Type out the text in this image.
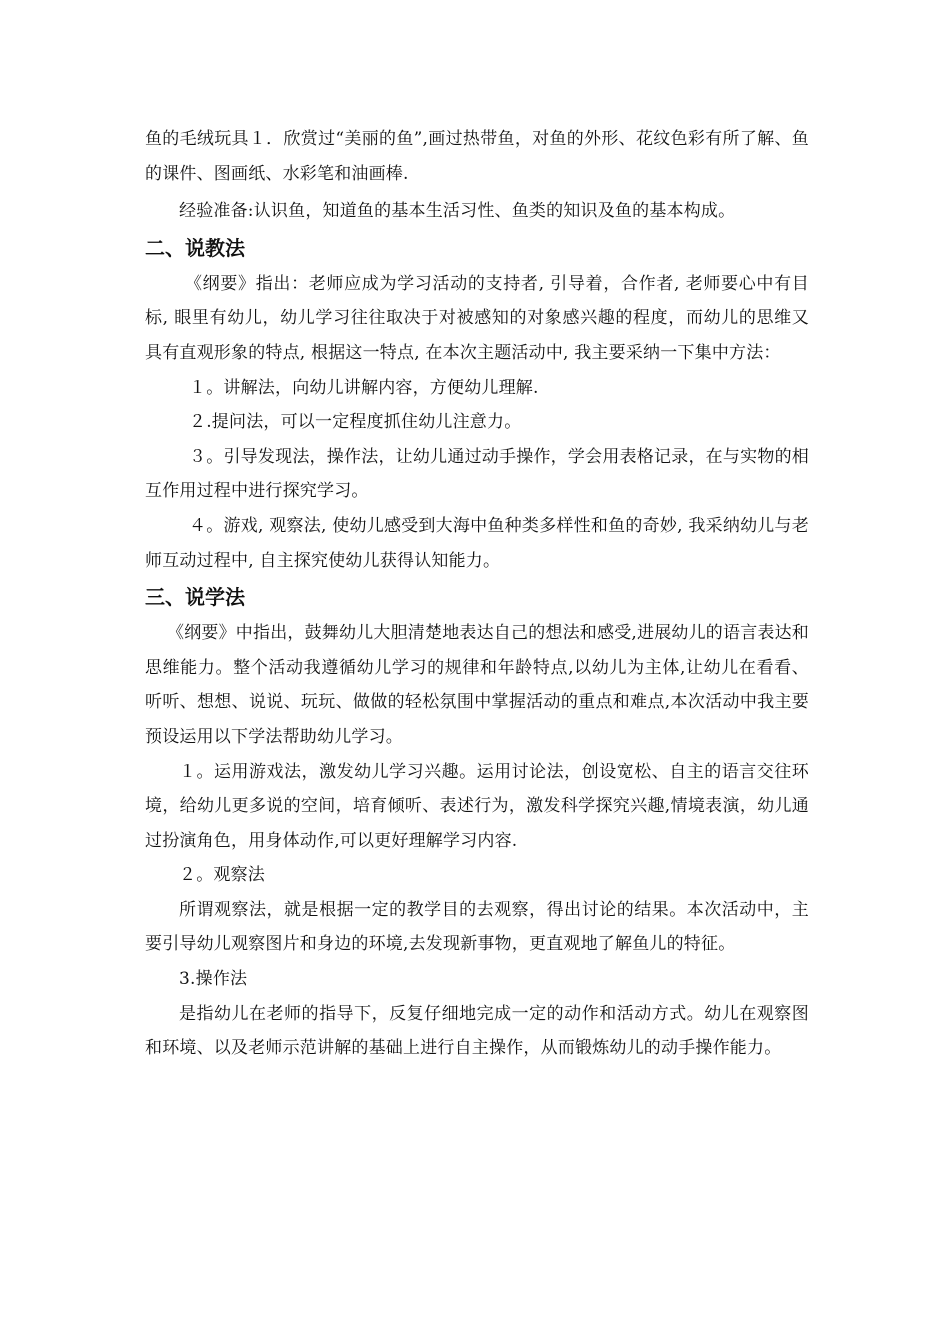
鱼的毛绒玩具１．欣赏过“美丽的鱼”,画过热带鱼，对鱼的外形、花纹色彩有所了解、鱼的课件、图画纸、水彩笔和油画棒.

经验准备:认识鱼，知道鱼的基本生活习性、鱼类的知识及鱼的基本构成。

二、说教法

《纲要》指出：老师应成为学习活动的支持者, 引导着，合作者, 老师要心中有目标, 眼里有幼儿，幼儿学习往往取决于对被感知的对象感兴趣的程度，而幼儿的思维又具有直观形象的特点, 根据这一特点, 在本次主题活动中, 我主要采纳一下集中方法：

１。讲解法，向幼儿讲解内容，方便幼儿理解.

２.提问法，可以一定程度抓住幼儿注意力。

３。引导发现法，操作法，让幼儿通过动手操作，学会用表格记录，在与实物的相互作用过程中进行探究学习。

４。游戏, 观察法, 使幼儿感受到大海中鱼种类多样性和鱼的奇妙, 我采纳幼儿与老师互动过程中, 自主探究使幼儿获得认知能力。

三、说学法

《纲要》中指出，鼓舞幼儿大胆清楚地表达自己的想法和感受,进展幼儿的语言表达和思维能力。整个活动我遵循幼儿学习的规律和年龄特点,以幼儿为主体,让幼儿在看看、听听、想想、说说、玩玩、做做的轻松氛围中掌握活动的重点和难点,本次活动中我主要预设运用以下学法帮助幼儿学习。

１。运用游戏法，激发幼儿学习兴趣。运用讨论法，创设宽松、自主的语言交往环境，给幼儿更多说的空间，培育倾听、表述行为，激发科学探究兴趣,情境表演，幼儿通过扮演角色，用身体动作,可以更好理解学习内容.

２。观察法

所谓观察法，就是根据一定的教学目的去观察，得出讨论的结果。本次活动中，主要引导幼儿观察图片和身边的环境,去发现新事物，更直观地了解鱼儿的特征。

3.操作法

是指幼儿在老师的指导下，反复仔细地完成一定的动作和活动方式。幼儿在观察图和环境、以及老师示范讲解的基础上进行自主操作，从而锻炼幼儿的动手操作能力。
